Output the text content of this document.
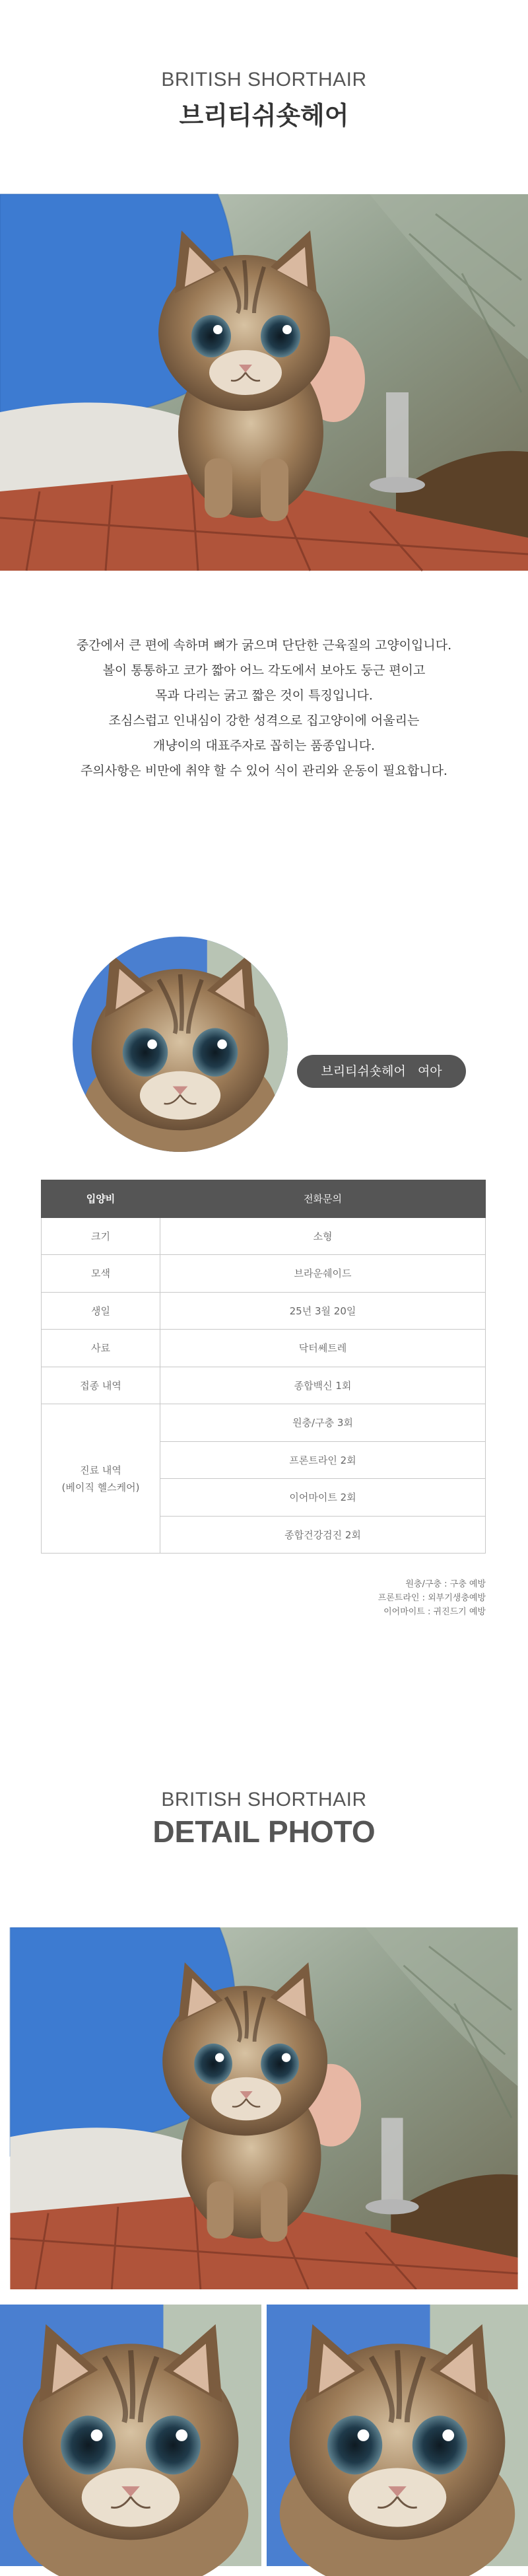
BRITISH SHORTHAIR
브리티쉬숏헤어
중간에서 큰 편에 속하며 뼈가 굵으며 단단한 근육질의 고양이입니다.
볼이 통통하고 코가 짧아 어느 각도에서 보아도 둥근 편이고
목과 다리는 굵고 짧은 것이 특징입니다.
조심스럽고 인내심이 강한 성격으로 집고양이에 어울리는
개냥이의 대표주자로 꼽히는 품종입니다.
주의사항은 비만에 취약 할 수 있어 식이 관리와 운동이 필요합니다.
브리티쉬숏헤어   여아
입양비	전화문의
크기	소형
모색	브라운쉐이드
생일	25년 3월 20일
사료	닥터쎄트레
접종 내역	종합백신 1회

진료 내역
(베이직 헬스케어)	원충/구충 3회
	프론트라인 2회
	이어마이트 2회
	종합건강검진 2회
원충/구충 : 구충 예방
프론트라인 : 외부기생충예방
이어마이트 : 귀진드기 예방
BRITISH SHORTHAIR
DETAIL PHOTO
